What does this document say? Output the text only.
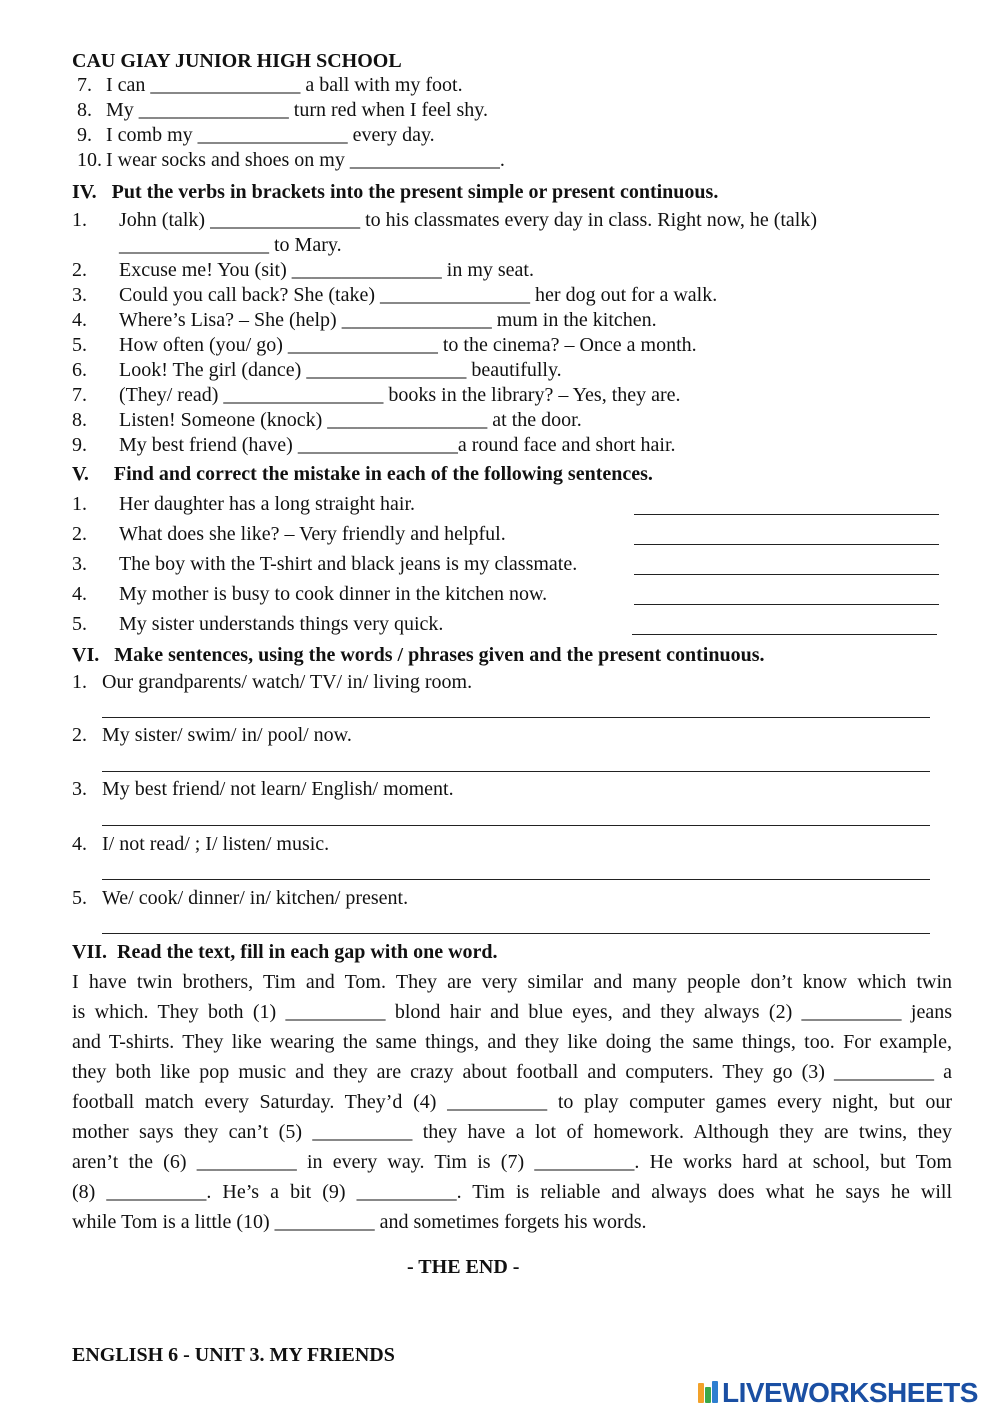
CAU GIAY JUNIOR HIGH SCHOOL
7. I can _______________ a ball with my foot.
8. My _______________ turn red when I feel shy.
9. I comb my _______________ every day.
10. I wear socks and shoes on my _______________.
IV.   Put the verbs in brackets into the present simple or present continuous.
1. John (talk) _______________ to his classmates every day in class. Right now, he (talk)
_______________ to Mary.
2. Excuse me! You (sit) _______________ in my seat.
3. Could you call back? She (take) _______________ her dog out for a walk.
4. Where’s Lisa? – She (help) _______________ mum in the kitchen.
5. How often (you/ go) _______________ to the cinema? – Once a month.
6. Look! The girl (dance) ________________ beautifully.
7. (They/ read) ________________ books in the library? – Yes, they are.
8. Listen! Someone (knock) ________________ at the door.
9. My best friend (have) ________________a round face and short hair.
V.     Find and correct the mistake in each of the following sentences.
1. Her daughter has a long straight hair.
2. What does she like? – Very friendly and helpful.
3. The boy with the T-shirt and black jeans is my classmate.
4. My mother is busy to cook dinner in the kitchen now.
5. My sister understands things very quick.
VI.   Make sentences, using the words / phrases given and the present continuous.
1. Our grandparents/ watch/ TV/ in/ living room.
2. My sister/ swim/ in/ pool/ now.
3. My best friend/ not learn/ English/ moment.
4. I/ not read/ ; I/ listen/ music.
5. We/ cook/ dinner/ in/ kitchen/ present.
VII.  Read the text, fill in each gap with one word.
I have twin brothers, Tim and Tom. They are very similar and many people don’t know which twin
is which. They both (1) __________ blond hair and blue eyes, and they always (2) __________ jeans
and T-shirts. They like wearing the same things, and they like doing the same things, too. For example,
they both like pop music and they are crazy about football and computers. They go (3) __________ a
football match every Saturday. They’d (4) __________ to play computer games every night, but our
mother says they can’t (5) __________ they have a lot of homework. Although they are twins, they
aren’t the (6) __________ in every way. Tim is (7) __________. He works hard at school, but Tom
(8) __________. He’s a bit (9) __________. Tim is reliable and always does what he says he will
while Tom is a little (10) __________ and sometimes forgets his words.
- THE END -
ENGLISH 6 - UNIT 3. MY FRIENDS
LIVEWORKSHEETS
